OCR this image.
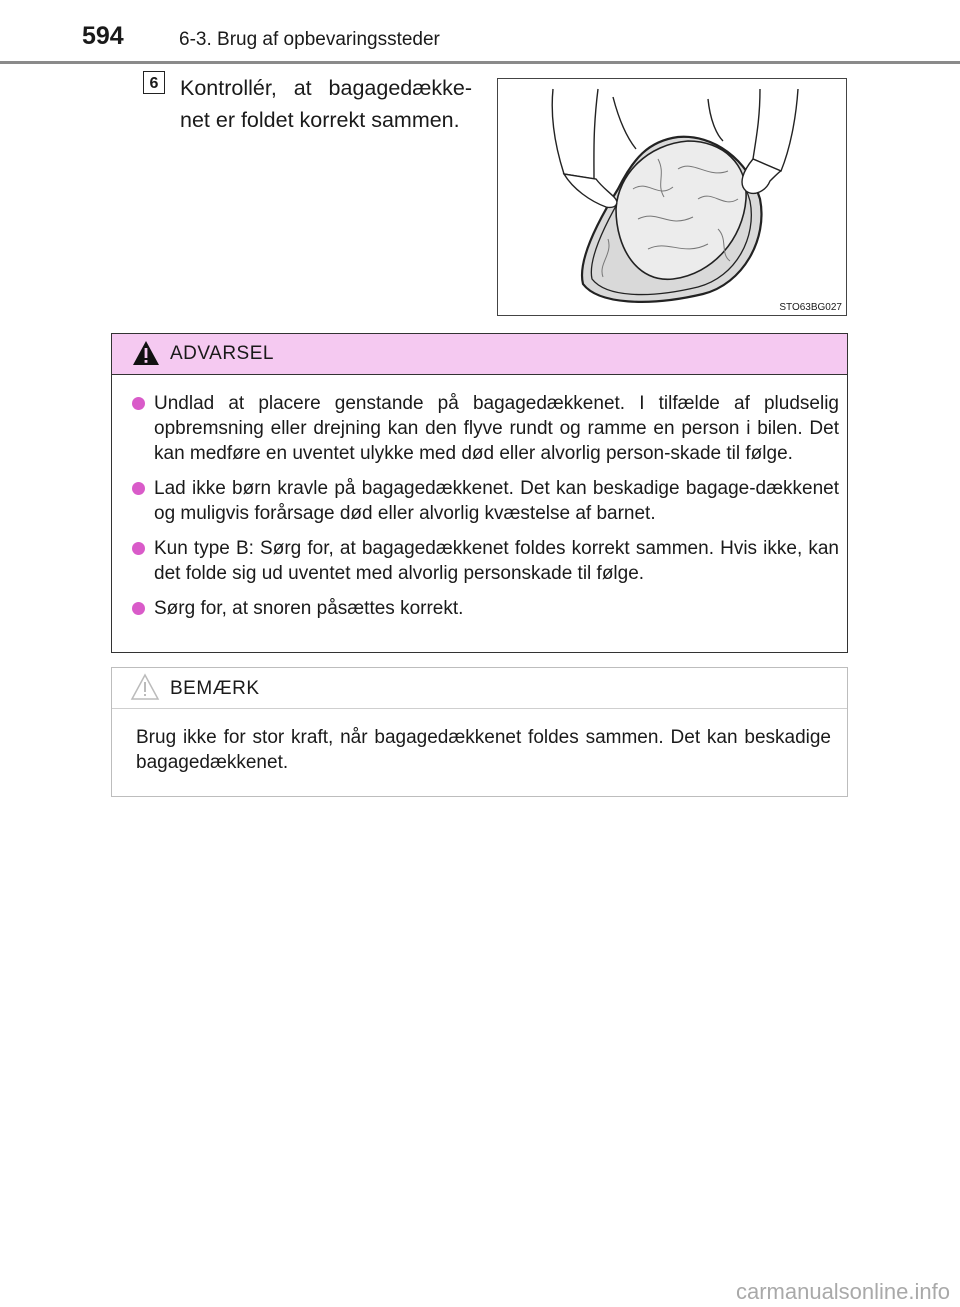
594	6-3. Brug af opbevaringssteder
6	Kontrollér, at bagagedække-net er foldet korrekt sammen.
STO63BG027
ADVARSEL
Undlad at placere genstande på bagagedækkenet. I tilfælde af pludselig opbremsning eller drejning kan den flyve rundt og ramme en person i bilen. Det kan medføre en uventet ulykke med død eller alvorlig person-skade til følge.
Lad ikke børn kravle på bagagedækkenet. Det kan beskadige bagage-dækkenet og muligvis forårsage død eller alvorlig kvæstelse af barnet.
Kun type B: Sørg for, at bagagedækkenet foldes korrekt sammen. Hvis ikke, kan det folde sig ud uventet med alvorlig personskade til følge.
Sørg for, at snoren påsættes korrekt.
BEMÆRK
Brug ikke for stor kraft, når bagagedækkenet foldes sammen. Det kan beskadige bagagedækkenet.
carmanualsonline.info
